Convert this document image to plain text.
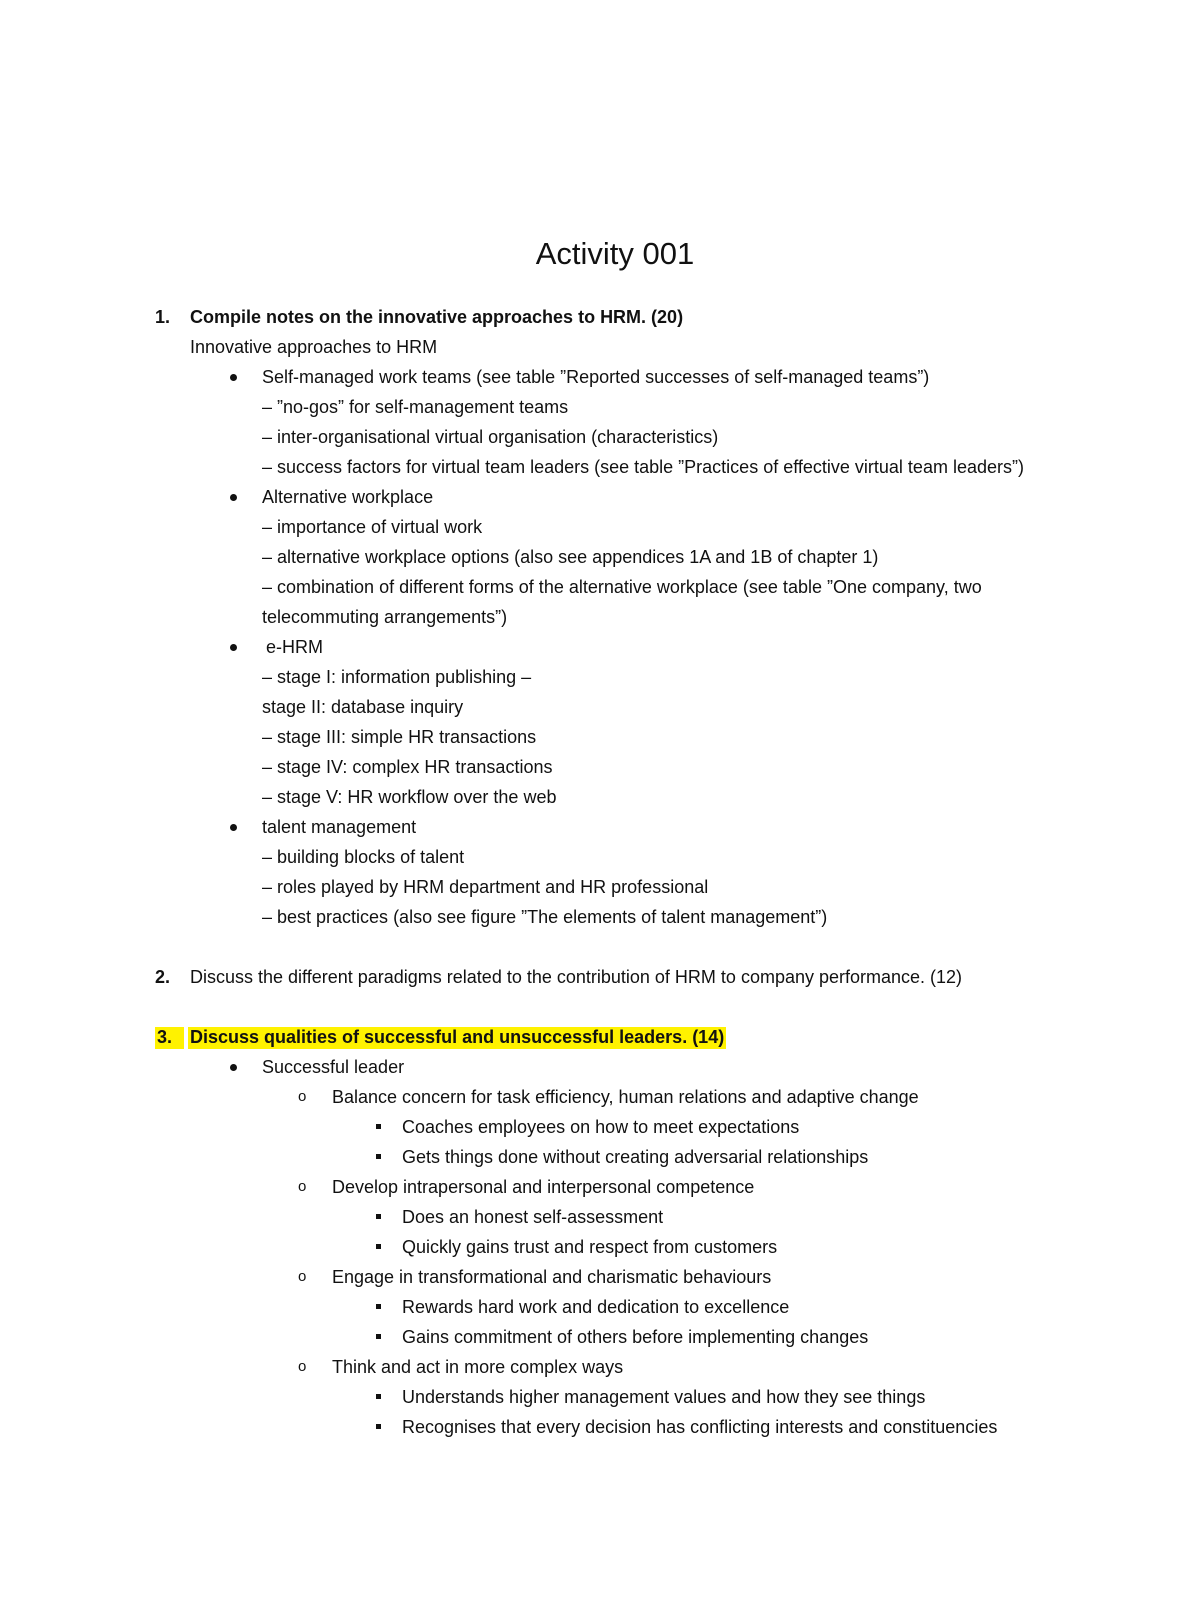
Activity 001
1. Compile notes on the innovative approaches to HRM. (20)
Innovative approaches to HRM
Self-managed work teams (see table ”Reported successes of self-managed teams”)
– ”no-gos” for self-management teams
– inter-organisational virtual organisation (characteristics)
– success factors for virtual team leaders (see table ”Practices of effective virtual team leaders”)
Alternative workplace
– importance of virtual work
– alternative workplace options (also see appendices 1A and 1B of chapter 1)
– combination of different forms of the alternative workplace (see table ”One company, two
telecommuting arrangements”)
e-HRM
– stage I: information publishing –
stage II: database inquiry
– stage III: simple HR transactions
– stage IV: complex HR transactions
– stage V: HR workflow over the web
talent management
– building blocks of talent
– roles played by HRM department and HR professional
– best practices (also see figure ”The elements of talent management”)
2. Discuss the different paradigms related to the contribution of HRM to company performance. (12)
3. Discuss qualities of successful and unsuccessful leaders. (14)
Successful leader
o Balance concern for task efficiency, human relations and adaptive change
Coaches employees on how to meet expectations
Gets things done without creating adversarial relationships
o Develop intrapersonal and interpersonal competence
Does an honest self-assessment
Quickly gains trust and respect from customers
o Engage in transformational and charismatic behaviours
Rewards hard work and dedication to excellence
Gains commitment of others before implementing changes
o Think and act in more complex ways
Understands higher management values and how they see things
Recognises that every decision has conflicting interests and constituencies
